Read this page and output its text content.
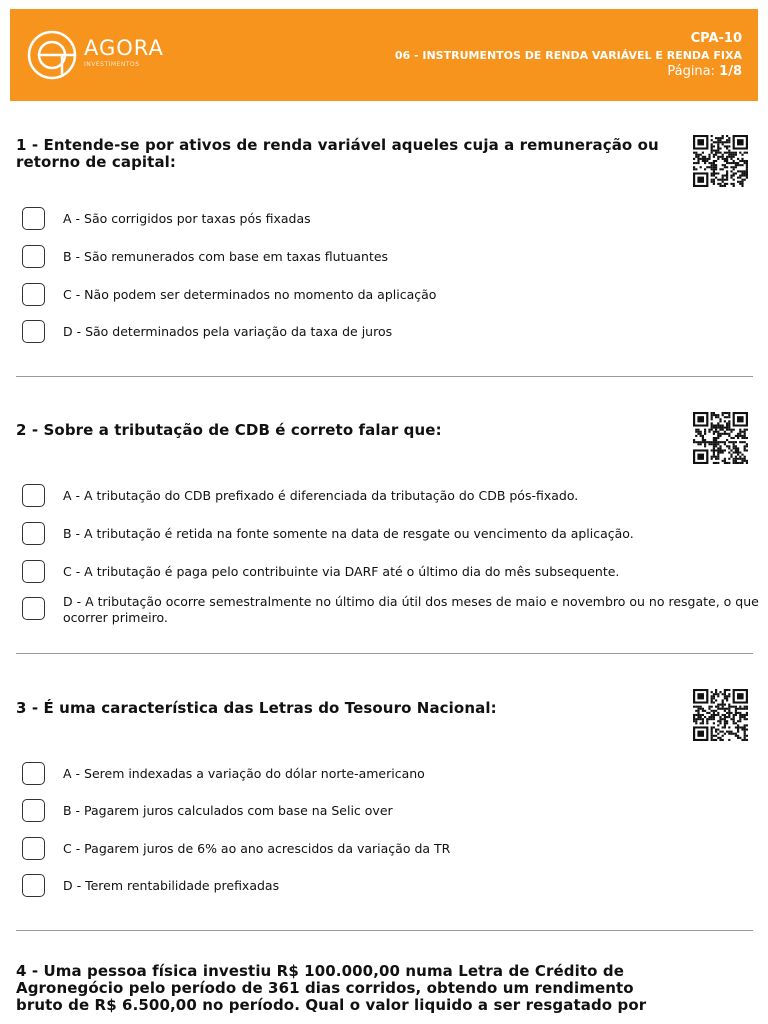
AGORA
INVESTIMENTOS
CPA-10
06 - INSTRUMENTOS DE RENDA VARIÁVEL E RENDA FIXA
Página: 1/8
1 - Entende-se por ativos de renda variável aqueles cuja a remuneração ou retorno de capital:
A - São corrigidos por taxas pós fixadas
B - São remunerados com base em taxas flutuantes
C - Não podem ser determinados no momento da aplicação
D - São determinados pela variação da taxa de juros
2 - Sobre a tributação de CDB é correto falar que:
A - A tributação do CDB prefixado é diferenciada da tributação do CDB pós-fixado.
B - A tributação é retida na fonte somente na data de resgate ou vencimento da aplicação.
C - A tributação é paga pelo contribuinte via DARF até o último dia do mês subsequente.
D - A tributação ocorre semestralmente no último dia útil dos meses de maio e novembro ou no resgate, o que ocorrer primeiro.
3 - É uma característica das Letras do Tesouro Nacional:
A - Serem indexadas a variação do dólar norte-americano
B - Pagarem juros calculados com base na Selic over
C - Pagarem juros de 6% ao ano acrescidos da variação da TR
D - Terem rentabilidade prefixadas
4 - Uma pessoa física investiu R$ 100.000,00 numa Letra de Crédito de Agronegócio pelo período de 361 dias corridos, obtendo um rendimento bruto de R$ 6.500,00 no período. Qual o valor liquido a ser resgatado por
